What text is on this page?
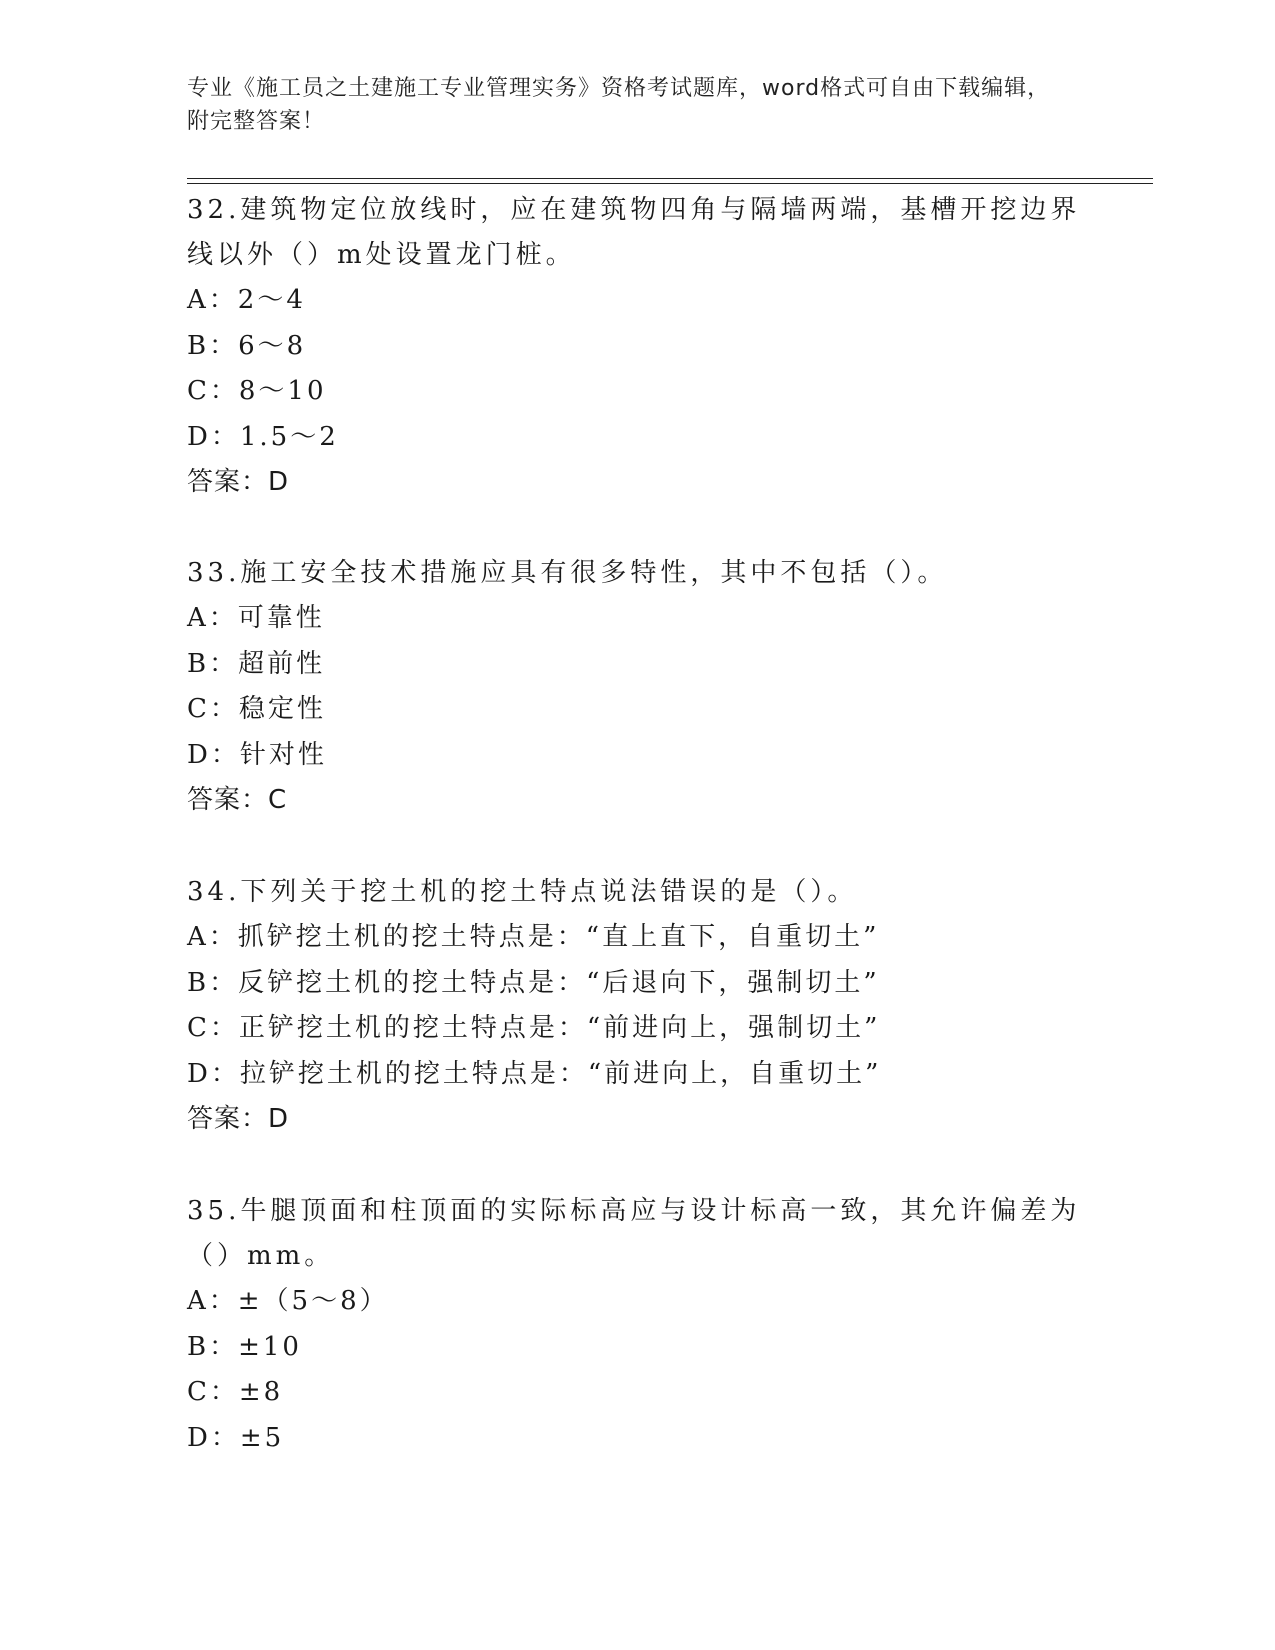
专业《施工员之土建施工专业管理实务》资格考试题库，word格式可自由下载编辑，附完整答案！

32.建筑物定位放线时，应在建筑物四角与隔墙两端，基槽开挖边界线以外（）m处设置龙门桩。

A：2～4

B：6～8

C：8～10

D：1.5～2

答案：D

33.施工安全技术措施应具有很多特性，其中不包括（）。

A：可靠性

B：超前性

C：稳定性

D：针对性

答案：C

34.下列关于挖土机的挖土特点说法错误的是（）。

A：抓铲挖土机的挖土特点是：“直上直下，自重切土”

B：反铲挖土机的挖土特点是：“后退向下，强制切土”

C：正铲挖土机的挖土特点是：“前进向上，强制切土”

D：拉铲挖土机的挖土特点是：“前进向上，自重切土”

答案：D

35.牛腿顶面和柱顶面的实际标高应与设计标高一致，其允许偏差为（）mm。

A：±（5～8）

B：±10

C：±8

D：±5
